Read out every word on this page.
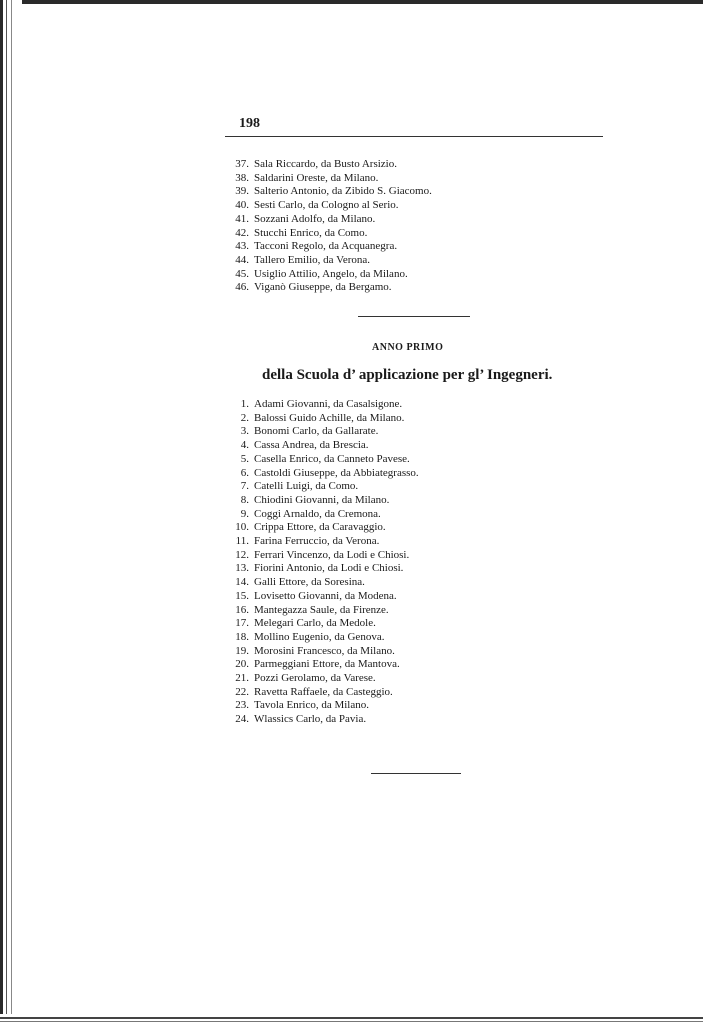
198
37. Sala Riccardo, da Busto Arsizio.
38. Saldarini Oreste, da Milano.
39. Salterio Antonio, da Zibido S. Giacomo.
40. Sesti Carlo, da Cologno al Serio.
41. Sozzani Adolfo, da Milano.
42. Stucchi Enrico, da Como.
43. Tacconi Regolo, da Acquanegra.
44. Tallero Emilio, da Verona.
45. Usiglio Attilio, Angelo, da Milano.
46. Viganò Giuseppe, da Bergamo.
ANNO PRIMO
della Scuola d’ applicazione per gl’ Ingegneri.
1. Adami Giovanni, da Casalsigone.
2. Balossi Guido Achille, da Milano.
3. Bonomi Carlo, da Gallarate.
4. Cassa Andrea, da Brescia.
5. Casella Enrico, da Canneto Pavese.
6. Castoldi Giuseppe, da Abbiategrasso.
7. Catelli Luigi, da Como.
8. Chiodini Giovanni, da Milano.
9. Coggi Arnaldo, da Cremona.
10. Crippa Ettore, da Caravaggio.
11. Farina Ferruccio, da Verona.
12. Ferrari Vincenzo, da Lodi e Chiosi.
13. Fiorini Antonio, da Lodi e Chiosi.
14. Galli Ettore, da Soresina.
15. Lovisetto Giovanni, da Modena.
16. Mantegazza Saule, da Firenze.
17. Melegari Carlo, da Medole.
18. Mollino Eugenio, da Genova.
19. Morosini Francesco, da Milano.
20. Parmeggiani Ettore, da Mantova.
21. Pozzi Gerolamo, da Varese.
22. Ravetta Raffaele, da Casteggio.
23. Tavola Enrico, da Milano.
24. Wlassics Carlo, da Pavia.
